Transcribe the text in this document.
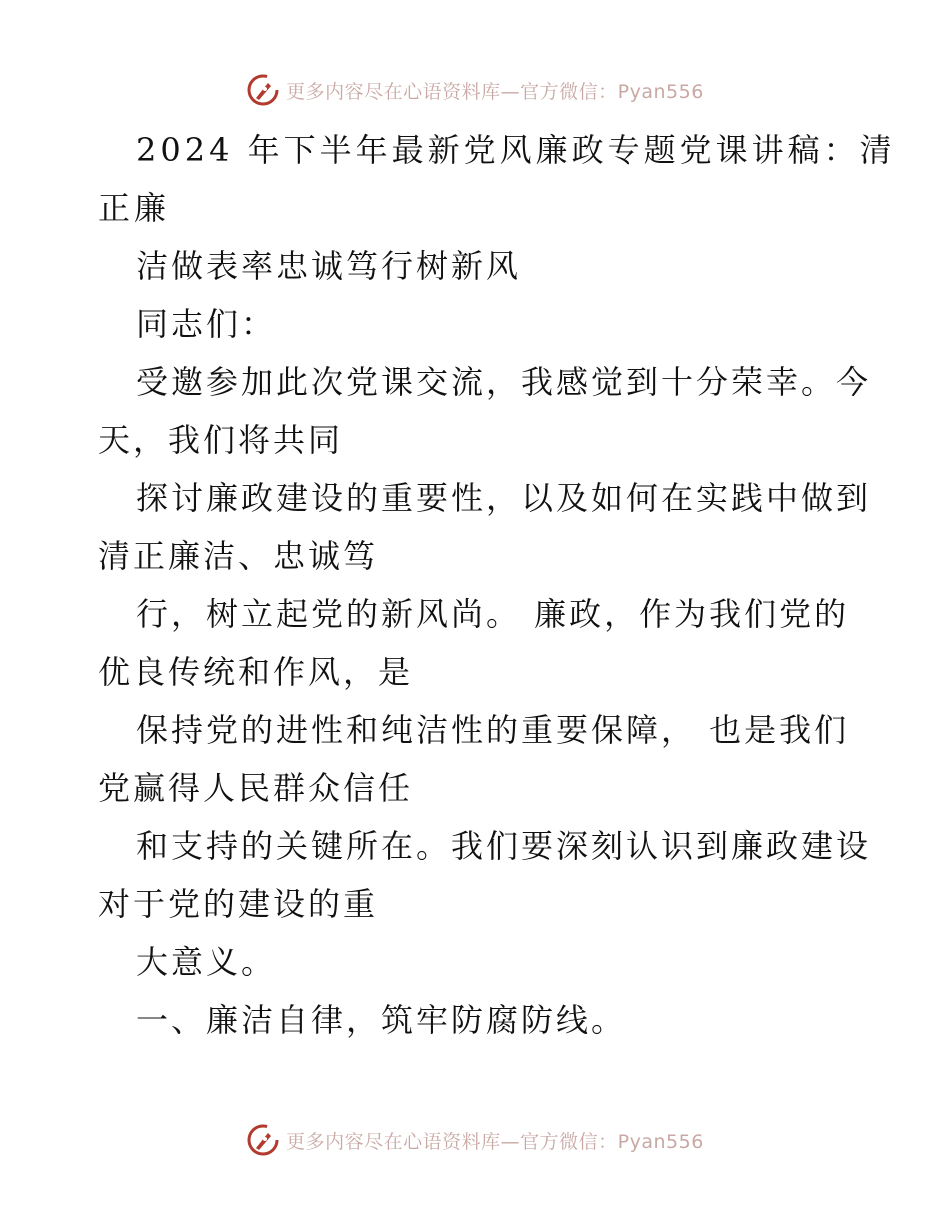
更多内容尽在心语资料库—官方微信：Pyan556
2024 年下半年最新党风廉政专题党课讲稿：清
正廉
洁做表率忠诚笃行树新风
同志们：
受邀参加此次党课交流，我感觉到十分荣幸。今
天，我们将共同
探讨廉政建设的重要性，以及如何在实践中做到
清正廉洁、忠诚笃
行，树立起党的新风尚。 廉政，作为我们党的
优良传统和作风，是
保持党的进性和纯洁性的重要保障， 也是我们
党赢得人民群众信任
和支持的关键所在。我们要深刻认识到廉政建设
对于党的建设的重
大意义。
一、廉洁自律，筑牢防腐防线。
更多内容尽在心语资料库—官方微信：Pyan556
